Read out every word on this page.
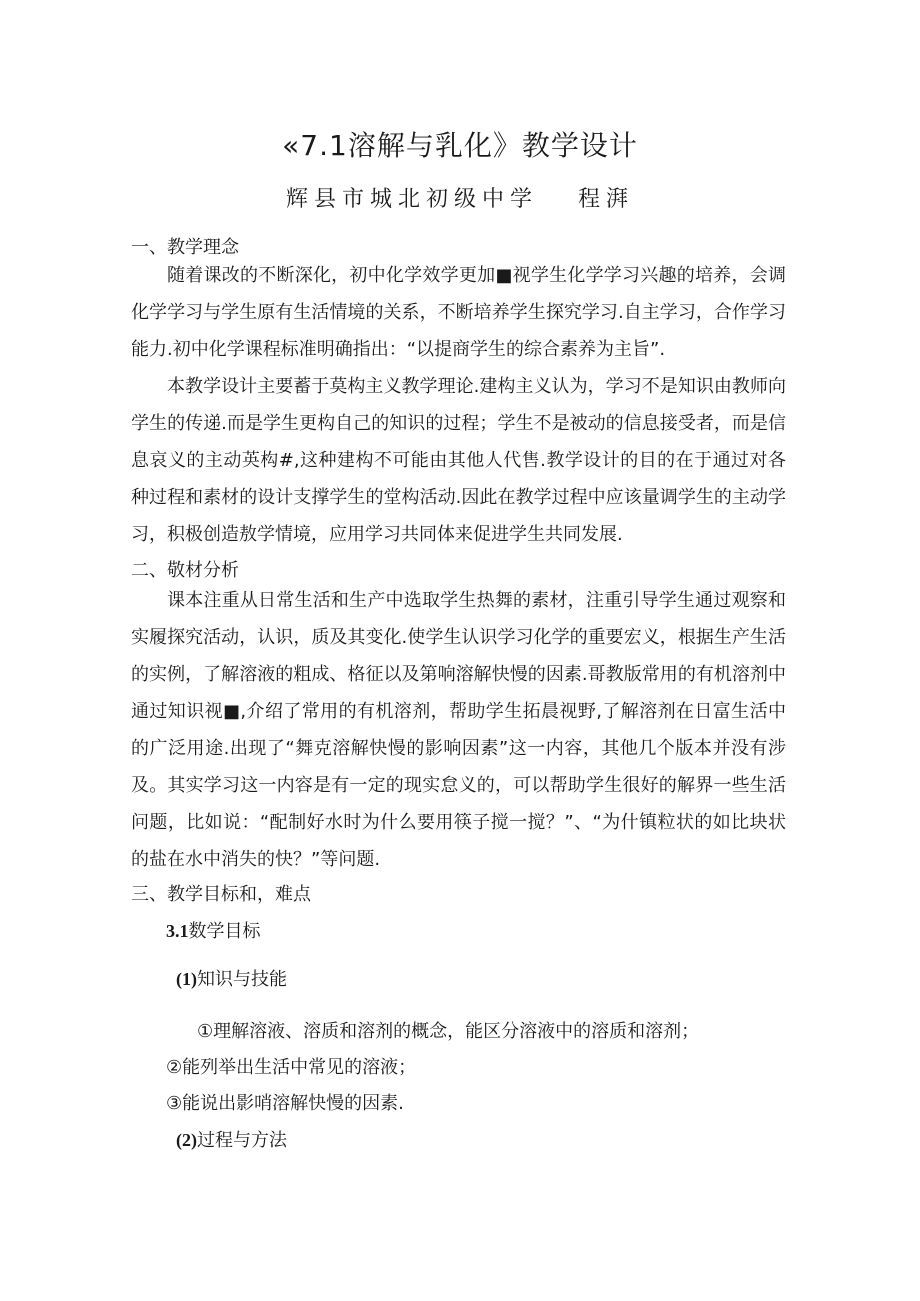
«7.1溶解与乳化》教学设计
辉县市城北初级中学 程湃
一、教学理念

随着课改的不断深化，初中化学效学更加■视学生化学学习兴趣的培养，会调化学学习与学生原有生活情境的关系，不断培养学生探究学习.自主学习，合作学习能力.初中化学课程标准明确指出：“以提商学生的综合素养为主旨”.

本教学设计主要蓄于莫构主义教学理论.建构主义认为，学习不是知识由教师向学生的传递.而是学生更构自己的知识的过程；学生不是被动的信息接受者，而是信息哀义的主动英构#,这种建构不可能由其他人代售.教学设计的目的在于通过对各种过程和素材的设计支撑学生的堂构活动.因此在教学过程中应该量调学生的主动学习，积极创造敖学情境，应用学习共同体来促进学生共同发展.

二、敬材分析

课本注重从日常生活和生产中选取学生热舞的素材，注重引导学生通过观察和实履探究活动，认识，质及其变化.使学生认识学习化学的重要宏义，根据生产生活的实例，了解溶液的粗成、格征以及第响溶解快慢的因素.哥教版常用的有机溶剂中通过知识视■,介绍了常用的有机溶剂，帮助学生拓晨视野,了解溶剂在日富生活中的广泛用途.出现了“舞克溶解快慢的影响因素”这一内容，其他几个版本并没有涉及。其实学习这一内容是有一定的现实怠义的，可以帮助学生很好的解界一些生活问题，比如说：“配制好水时为什么要用筷子搅一搅？”、“为什镇粒状的如比块状的盐在水中消失的快？”等问题.

三、教学目标和，难点
3.1数学目标
(1)知识与技能
①理解溶液、溶质和溶剂的概念，能区分溶液中的溶质和溶剂；
②能列举出生活中常见的溶液；
③能说出影哨溶解快慢的因素.
(2)过程与方法
